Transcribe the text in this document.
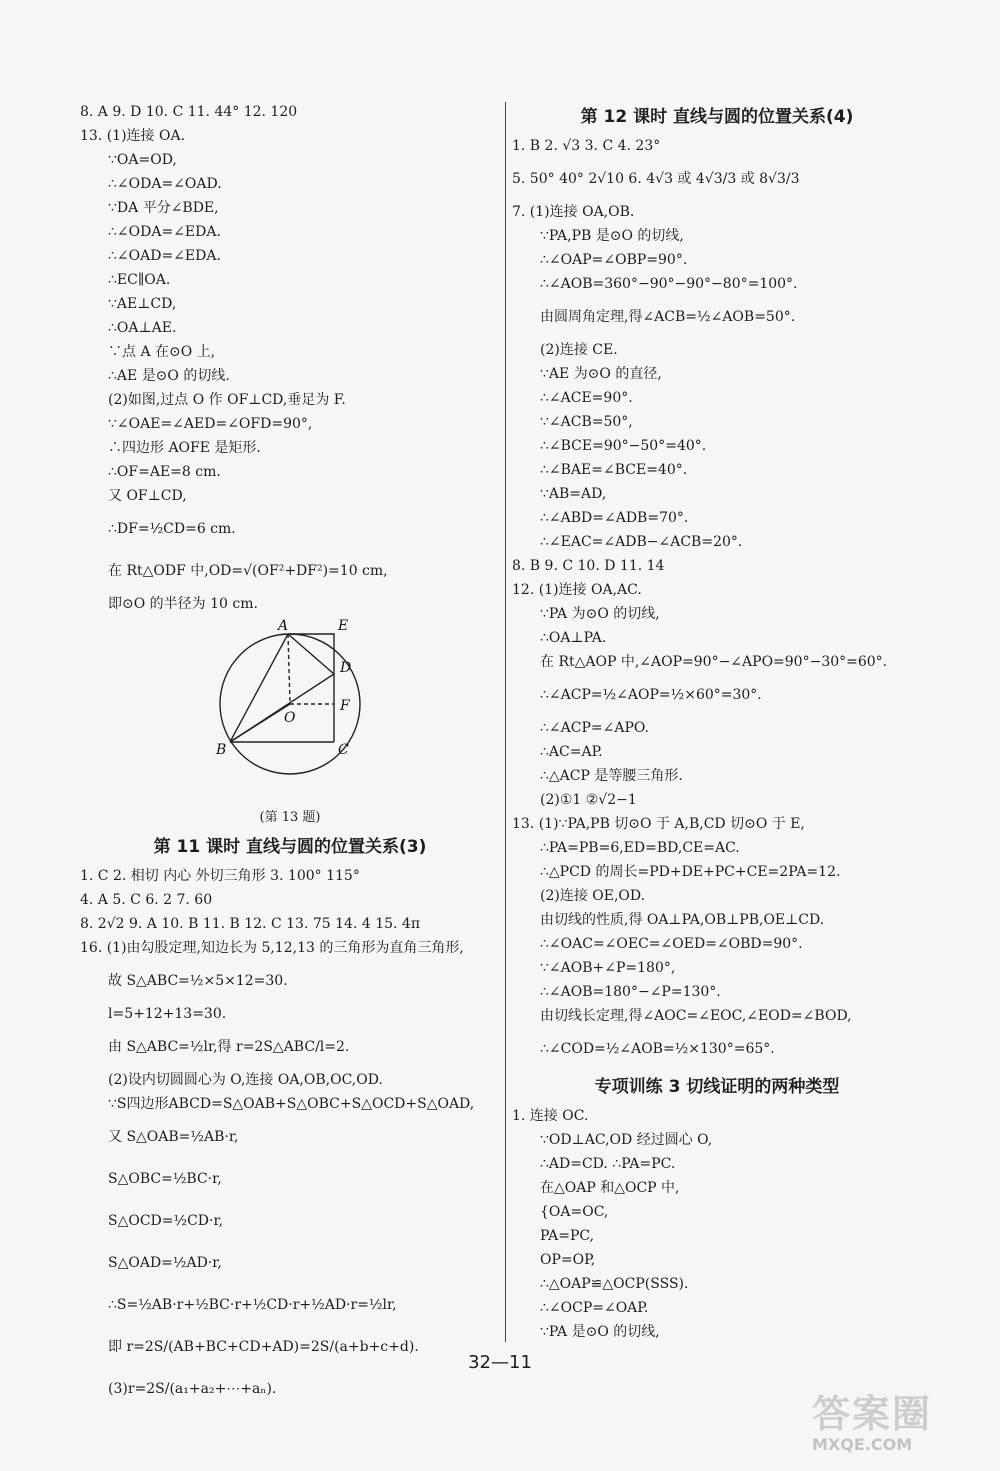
8. A 9. D 10. C 11. 44° 12. 120
13. (1)连接 OA.
∵OA=OD,
∴∠ODA=∠OAD.
∵DA 平分∠BDE,
∴∠ODA=∠EDA.
∴∠OAD=∠EDA.
∴EC∥OA.
∵AE⊥CD,
∴OA⊥AE.
∵点 A 在⊙O 上,
∴AE 是⊙O 的切线.
(2)如图,过点 O 作 OF⊥CD,垂足为 F.
∵∠OAE=∠AED=∠OFD=90°,
∴四边形 AOFE 是矩形.
∴OF=AE=8 cm.
又 OF⊥CD,
∴DF=½CD=6 cm.
在 Rt△ODF 中,OD=√(OF²+DF²)=10 cm,
即⊙O 的半径为 10 cm.
A	E
D
F
O
B	C
(第 13 题)
第 11 课时 直线与圆的位置关系(3)
1. C 2. 相切 内心 外切三角形 3. 100° 115°
4. A 5. C 6. 2 7. 60
8. 2√2 9. A 10. B 11. B 12. C 13. 75 14. 4 15. 4π
16. (1)由勾股定理,知边长为 5,12,13 的三角形为直角三角形,
故 S△ABC=½×5×12=30.
l=5+12+13=30.
由 S△ABC=½lr,得 r=2S△ABC/l=2.
(2)设内切圆圆心为 O,连接 OA,OB,OC,OD.
∵S四边形ABCD=S△OAB+S△OBC+S△OCD+S△OAD,
又 S△OAB=½AB·r,
S△OBC=½BC·r,
S△OCD=½CD·r,
S△OAD=½AD·r,
∴S=½AB·r+½BC·r+½CD·r+½AD·r=½lr,
即 r=2S/(AB+BC+CD+AD)=2S/(a+b+c+d).
(3)r=2S/(a₁+a₂+⋯+aₙ).
第 12 课时 直线与圆的位置关系(4)
1. B 2. √3 3. C 4. 23°
5. 50° 40° 2√10 6. 4√3 或 4√3/3 或 8√3/3
7. (1)连接 OA,OB.
∵PA,PB 是⊙O 的切线,
∴∠OAP=∠OBP=90°.
∴∠AOB=360°−90°−90°−80°=100°.
由圆周角定理,得∠ACB=½∠AOB=50°.
(2)连接 CE.
∵AE 为⊙O 的直径,
∴∠ACE=90°.
∵∠ACB=50°,
∴∠BCE=90°−50°=40°.
∴∠BAE=∠BCE=40°.
∵AB=AD,
∴∠ABD=∠ADB=70°.
∴∠EAC=∠ADB−∠ACB=20°.
8. B 9. C 10. D 11. 14
12. (1)连接 OA,AC.
∵PA 为⊙O 的切线,
∴OA⊥PA.
在 Rt△AOP 中,∠AOP=90°−∠APO=90°−30°=60°.
∴∠ACP=½∠AOP=½×60°=30°.
∴∠ACP=∠APO.
∴AC=AP.
∴△ACP 是等腰三角形.
(2)①1 ②√2−1
13. (1)∵PA,PB 切⊙O 于 A,B,CD 切⊙O 于 E,
∴PA=PB=6,ED=BD,CE=AC.
∴△PCD 的周长=PD+DE+PC+CE=2PA=12.
(2)连接 OE,OD.
由切线的性质,得 OA⊥PA,OB⊥PB,OE⊥CD.
∴∠OAC=∠OEC=∠OED=∠OBD=90°.
∵∠AOB+∠P=180°,
∴∠AOB=180°−∠P=130°.
由切线长定理,得∠AOC=∠EOC,∠EOD=∠BOD,
∴∠COD=½∠AOB=½×130°=65°.
专项训练 3 切线证明的两种类型
1. 连接 OC.
∵OD⊥AC,OD 经过圆心 O,
∴AD=CD. ∴PA=PC.
在△OAP 和△OCP 中,
{OA=OC,
PA=PC,
OP=OP,
∴△OAP≌△OCP(SSS).
∴∠OCP=∠OAP.
∵PA 是⊙O 的切线,
32—11
答案圈
MXQE.COM
